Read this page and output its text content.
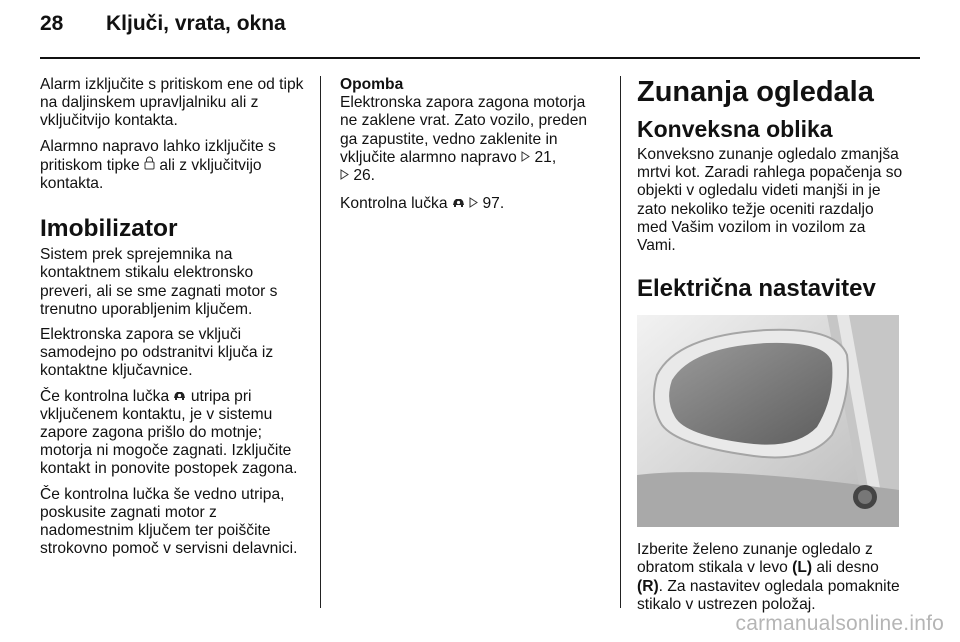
28	Ključi, vrata, okna

Alarm izključite s pritiskom ene od tipk na daljinskem upravljalniku ali z vključitvijo kontakta.

Alarmno napravo lahko izključite s pritiskom tipke  ali z vključitvijo kontakta.

Imobilizator

Sistem prek sprejemnika na kontaktnem stikalu elektronsko preveri, ali se sme zagnati motor s trenutno uporabljenim ključem.

Elektronska zapora se vključi samodejno po odstranitvi ključa iz kontaktne ključavnice.

Če kontrolna lučka  utripa pri vključenem kontaktu, je v sistemu zapore zagona prišlo do motnje; motorja ni mogoče zagnati. Izključite kontakt in ponovite postopek zagona.

Če kontrolna lučka še vedno utripa, poskusite zagnati motor z nadomestnim ključem ter poiščite strokovno pomoč v servisni delavnici.

Opomba
Elektronska zapora zagona motorja ne zaklene vrat. Zato vozilo, preden ga zapustite, vedno zaklenite in vključite alarmno napravo  21,
26.

Kontrolna lučka   97.

Zunanja ogledala
Konveksna oblika

Konveksno zunanje ogledalo zmanjša mrtvi kot. Zaradi rahlega popačenja so objekti v ogledalu videti manjši in je zato nekoliko težje oceniti razdaljo med Vašim vozilom in vozilom za Vami.

Električna nastavitev

Izberite želeno zunanje ogledalo z obratom stikala v levo (L) ali desno (R). Za nastavitev ogledala pomaknite stikalo v ustrezen položaj.

carmanualsonline.info
